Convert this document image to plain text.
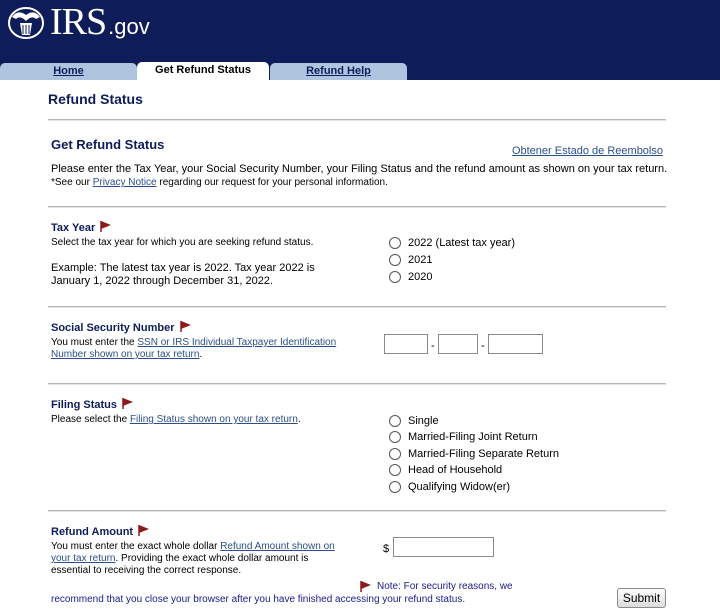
IRS .gov
Home	Get Refund Status	Refund Help
Refund Status
Get Refund Status	Obtener Estado de Reembolso
Please enter the Tax Year, your Social Security Number, your Filing Status and the refund amount as shown on your tax return.
*See our Privacy Notice regarding our request for your personal information.
Tax Year
Select the tax year for which you are seeking refund status.
Example: The latest tax year is 2022. Tax year 2022 is
January 1, 2022 through December 31, 2022.
2022 (Latest tax year)
2021
2020
Social Security Number
You must enter the SSN or IRS Individual Taxpayer Identification
Number shown on your tax return.
-	-
Filing Status
Please select the Filing Status shown on your tax return.	Single
Married-Filing Joint Return
Married-Filing Separate Return
Head of Household
Qualifying Widow(er)
Refund Amount
You must enter the exact whole dollar Refund Amount shown on
your tax return. Providing the exact whole dollar amount is
essential to receiving the correct response.
$
Note: For security reasons, we
recommend that you close your browser after you have finished accessing your refund status.	Submit
